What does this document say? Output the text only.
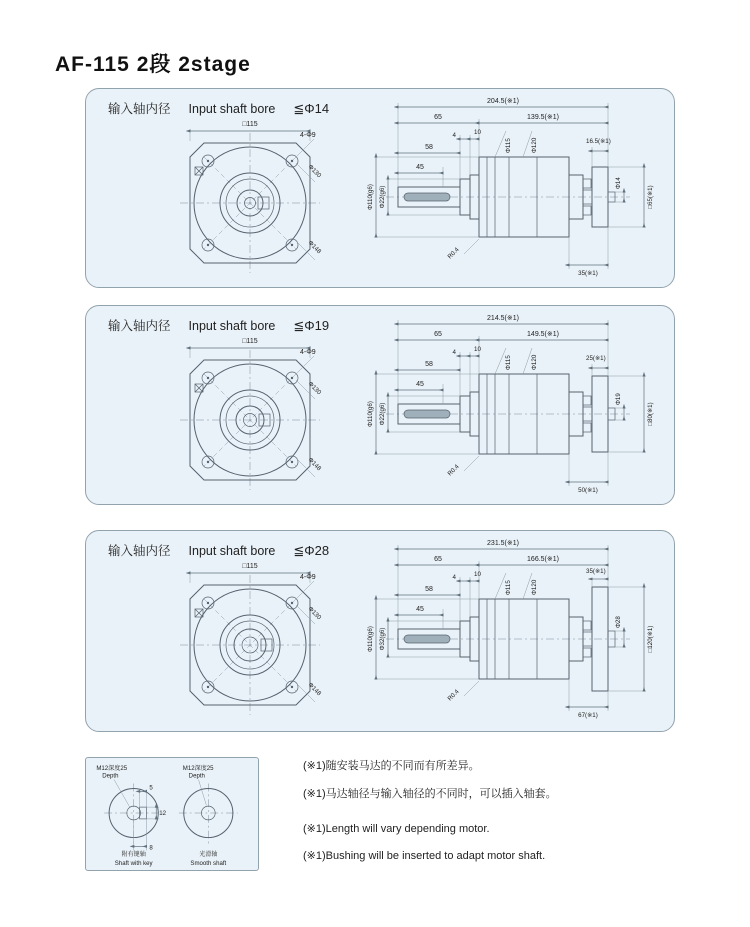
AF-115 2段 2stage
输入轴内径 Input shaft bore ≦Φ14
□115
4-Φ9
Φ130
Φ148
204.5(※1)
65	139.5(※1)
4	10
58
45
Φ115	Φ120	16.5(※1)
Φ14
□65(※1)
35(※1)
R0.4
Φ110(g6) Φ22(g6)
输入轴内径 Input shaft bore ≦Φ19
□115
4-Φ9
Φ130
Φ148
214.5(※1)
65	149.5(※1)
4	10
58
45
Φ115	Φ120	25(※1)
Φ19
□80(※1)
50(※1)
R0.4
Φ110(g6) Φ22(g6)
输入轴内径 Input shaft bore ≦Φ28
□115
4-Φ9
Φ130
Φ148
231.5(※1)
65	166.5(※1)
4	10
58
45
Φ115	Φ120
35(※1)
Φ28
□120(※1)
67(※1)
R0.4
Φ110(g6) Φ32(g6)
M12深度25
Depth
M12深度25
Depth
5
12
8
附有键轴
Shaft with key
光滑轴
Smooth shaft
(※1)随安装马达的不同而有所差异。
(※1)马达轴径与输入轴径的不同时，可以插入轴套。
(※1)Length will vary depending motor.
(※1)Bushing will be inserted to adapt motor shaft.
